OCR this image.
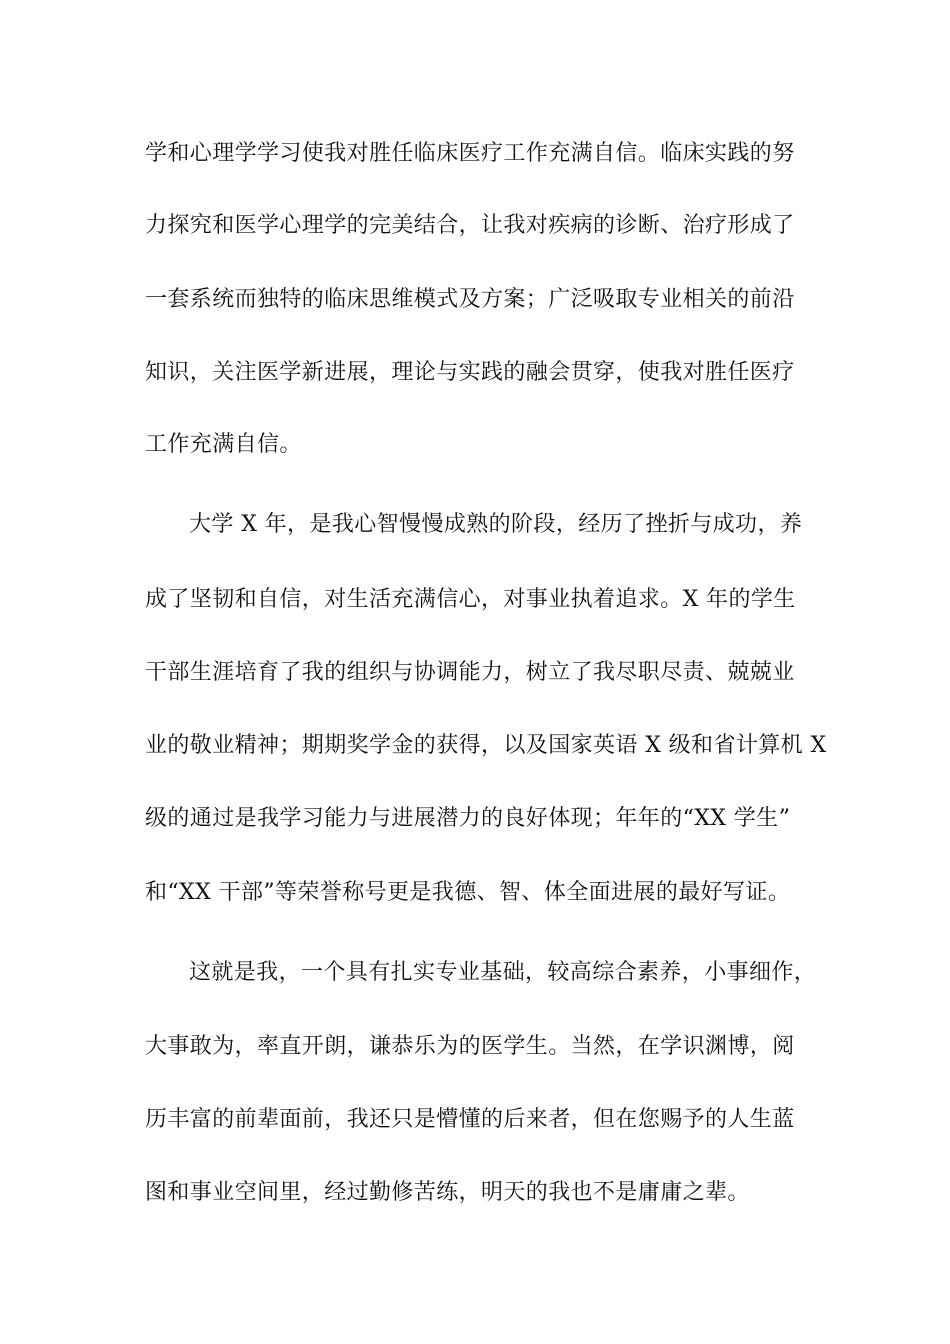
学和心理学学习使我对胜任临床医疗工作充满自信。临床实践的努
力探究和医学心理学的完美结合，让我对疾病的诊断、治疗形成了
一套系统而独特的临床思维模式及方案；广泛吸取专业相关的前沿
知识，关注医学新进展，理论与实践的融会贯穿，使我对胜任医疗
工作充满自信。
大学 X 年，是我心智慢慢成熟的阶段，经历了挫折与成功，养
成了坚韧和自信，对生活充满信心，对事业执着追求。X 年的学生
干部生涯培育了我的组织与协调能力，树立了我尽职尽责、兢兢业
业的敬业精神；期期奖学金的获得，以及国家英语 X 级和省计算机 X
级的通过是我学习能力与进展潜力的良好体现；年年的“XX 学生”
和“XX 干部”等荣誉称号更是我德、智、体全面进展的最好写证。
这就是我，一个具有扎实专业基础，较高综合素养，小事细作，
大事敢为，率直开朗，谦恭乐为的医学生。当然，在学识渊博，阅
历丰富的前辈面前，我还只是懵懂的后来者，但在您赐予的人生蓝
图和事业空间里，经过勤修苦练，明天的我也不是庸庸之辈。
